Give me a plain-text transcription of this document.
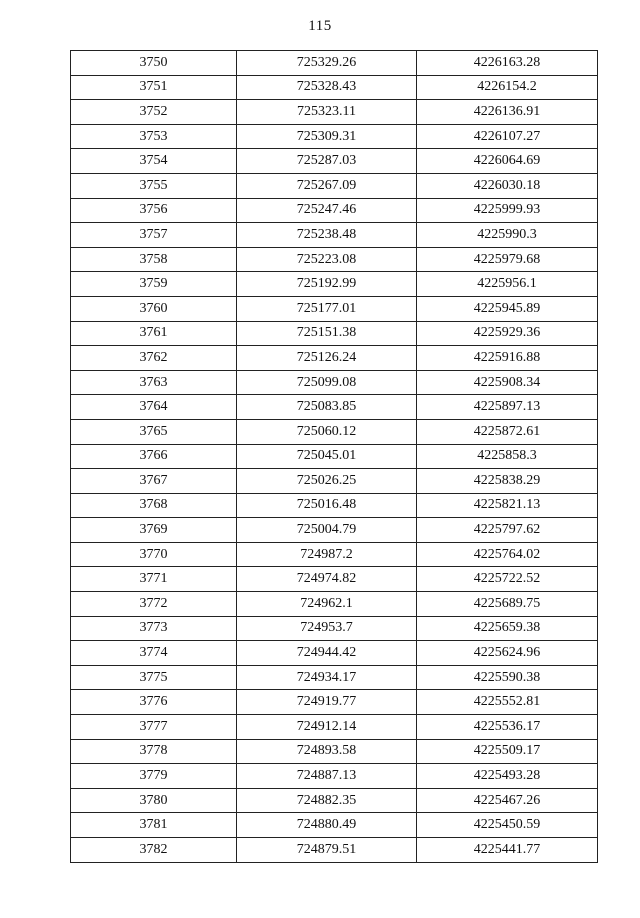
115
3750	725329.26	4226163.28
3751	725328.43	4226154.2
3752	725323.11	4226136.91
3753	725309.31	4226107.27
3754	725287.03	4226064.69
3755	725267.09	4226030.18
3756	725247.46	4225999.93
3757	725238.48	4225990.3
3758	725223.08	4225979.68
3759	725192.99	4225956.1
3760	725177.01	4225945.89
3761	725151.38	4225929.36
3762	725126.24	4225916.88
3763	725099.08	4225908.34
3764	725083.85	4225897.13
3765	725060.12	4225872.61
3766	725045.01	4225858.3
3767	725026.25	4225838.29
3768	725016.48	4225821.13
3769	725004.79	4225797.62
3770	724987.2	4225764.02
3771	724974.82	4225722.52
3772	724962.1	4225689.75
3773	724953.7	4225659.38
3774	724944.42	4225624.96
3775	724934.17	4225590.38
3776	724919.77	4225552.81
3777	724912.14	4225536.17
3778	724893.58	4225509.17
3779	724887.13	4225493.28
3780	724882.35	4225467.26
3781	724880.49	4225450.59
3782	724879.51	4225441.77
